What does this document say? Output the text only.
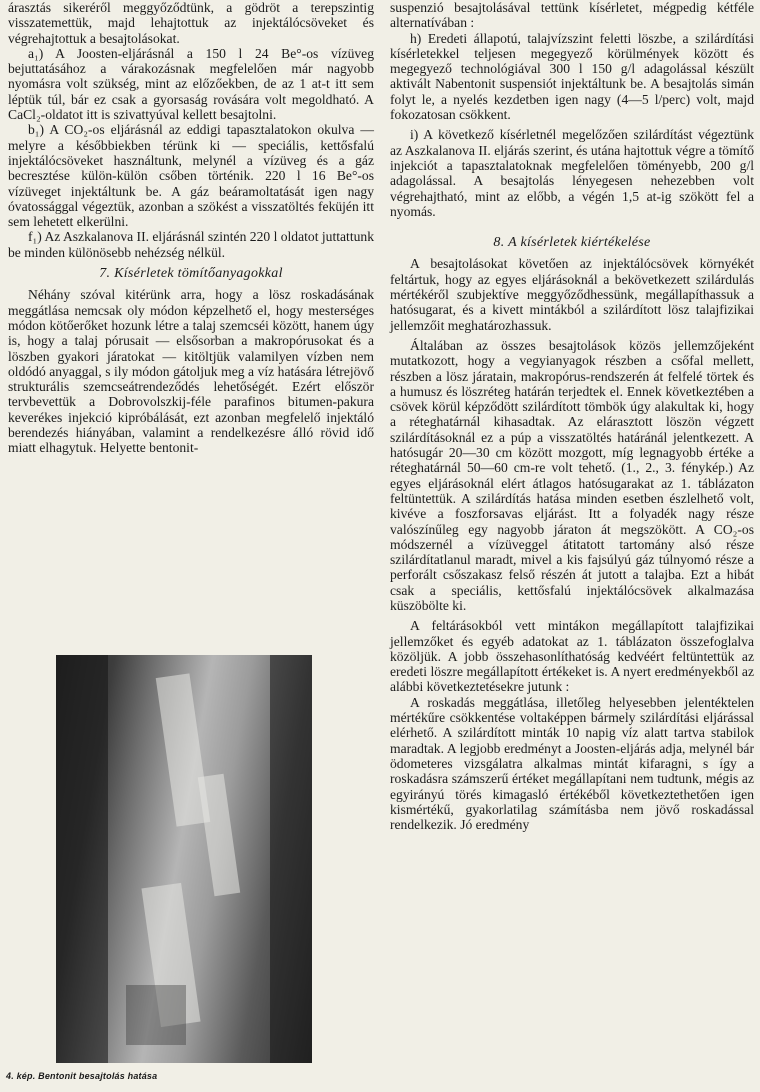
árasztás sikeréről meggyőződtünk, a gödröt a terepszintig visszatemettük, majd lehajtottuk az injektálócsöveket és végrehajtottuk a besajtolásokat.

a₁) A Joosten-eljárásnál a 150 l 24 Be°-os vízüveg bejuttatásához a várakozásnak megfelelően már nagyobb nyomásra volt szükség, mint az előzőekben, de az 1 at-t itt sem léptük túl, bár ez csak a gyorsaság rovására volt megoldható. A CaCl₂-oldatot itt is szivattyúval kellett besajtolni.

b₁) A CO₂-os eljárásnál az eddigi tapasztalatokon okulva — melyre a későbbiekben térünk ki — speciális, kettősfalú injektálócsöveket használtunk, melynél a vízüveg és a gáz becresztése külön-külön csőben történik. 220 l 16 Be°-os vízüveget injektáltunk be. A gáz beáramoltatását igen nagy óvatossággal végeztük, azonban a szökést a visszatöltés feküjén itt sem lehetett elkerülni.

f₁) Az Aszkalanova II. eljárásnál szintén 220 l oldatot juttattunk be minden különösebb nehézség nélkül.

7. Kísérletek tömítőanyagokkal

Néhány szóval kitérünk arra, hogy a lösz roskadásának meggátlása nemcsak oly módon képzelhető el, hogy mesterséges módon kötőerőket hozunk létre a talaj szemcséi között, hanem úgy is, hogy a talaj pórusait — elsősorban a makropórusokat és a löszben gyakori járatokat — kitöltjük valamilyen vízben nem oldódó anyaggal, s ily módon gátoljuk meg a víz hatására létrejövő strukturális szemcseátrendeződés lehetőségét. Ezért először tervbevettük a Dobrovolszkij-féle parafinos bitumen-pakura keverékes injekció kipróbálását, ezt azonban megfelelő injektáló berendezés hiányában, valamint a rendelkezésre álló rövid idő miatt elhagytuk. Helyette bentonit-

4. kép. Bentonit besajtolás hatása

suspenzió besajtolásával tettünk kísérletet, mégpedig kétféle alternatívában :

h) Eredeti állapotú, talajvízszint feletti löszbe, a szilárdítási kísérletekkel teljesen megegyező körülmények között és megegyező technológiával 300 l 150 g/l adagolással készült aktivált Nabentonit suspensiót injektáltunk be. A besajtolás simán folyt le, a nyelés kezdetben igen nagy (4—5 l/perc) volt, majd fokozatosan csökkent.

i) A következő kísérletnél megelőzően szilárdítást végeztünk az Aszkalanova II. eljárás szerint, és utána hajtottuk végre a tömítő injekciót a tapasztalatoknak megfelelően töményebb, 200 g/l adagolással. A besajtolás lényegesen nehezebben volt végrehajtható, mint az előbb, a végén 1,5 at-ig szökött fel a nyomás.

8. A kísérletek kiértékelése

A besajtolásokat követően az injektálócsövek környékét feltártuk, hogy az egyes eljárásoknál a bekövetkezett szilárdulás mértékéről szubjektíve meggyőződhessünk, megállapíthassuk a hatósugarat, és a kivett mintákból a szilárdított lösz talajfizikai jellemzőit meghatározhassuk.

Általában az összes besajtolások közös jellemzőjeként mutatkozott, hogy a vegyianyagok részben a csőfal mellett, részben a lösz járatain, makropórus-rendszerén át felfelé törtek és a humusz és löszréteg határán terjedtek el. Ennek következtében a csövek körül képződött szilárdított tömbök úgy alakultak ki, hogy a réteghatárnál kihasadtak. Az elárasztott löszön végzett szilárdításoknál ez a púp a visszatöltés határánál jelentkezett. A hatósugár 20—30 cm között mozgott, míg legnagyobb értéke a réteghatárnál 50—60 cm-re volt tehető. (1., 2., 3. fénykép.) Az egyes eljárásoknál elért átlagos hatósugarakat az 1. táblázaton feltüntettük. A szilárdítás hatása minden esetben észlelhető volt, kivéve a foszforsavas eljárást. Itt a folyadék nagy része valószínűleg egy nagyobb járaton át megszökött. A CO₂-os módszernél a vízüveggel átitatott tartomány alsó része szilárdítatlanul maradt, mivel a kis fajsúlyú gáz túlnyomó része a perforált csőszakasz felső részén át jutott a talajba. Ezt a hibát csak a speciális, kettősfalú injektálócsövek alkalmazása küszöbölte ki.

A feltárásokból vett mintákon megállapított talajfizikai jellemzőket és egyéb adatokat az 1. táblázaton összefoglalva közöljük. A jobb összehasonlíthatóság kedvéért feltüntettük az eredeti löszre megállapított értékeket is. A nyert eredményekből az alábbi következtetésekre jutunk :

A roskadás meggátlása, illetőleg helyesebben jelentéktelen mértékűre csökkentése voltaképpen bármely szilárdítási eljárással elérhető. A szilárdított minták 10 napig víz alatt tartva stabilok maradtak. A legjobb eredményt a Joosten-eljárás adja, melynél bár ödometeres vizsgálatra alkalmas mintát kifaragni, s így a roskadásra számszerű értéket megállapítani nem tudtunk, mégis az egyirányú törés kimagasló értékéből következtethetően igen kismértékű, gyakorlatilag számításba nem jövő roskadással rendelkezik. Jó eredmény
